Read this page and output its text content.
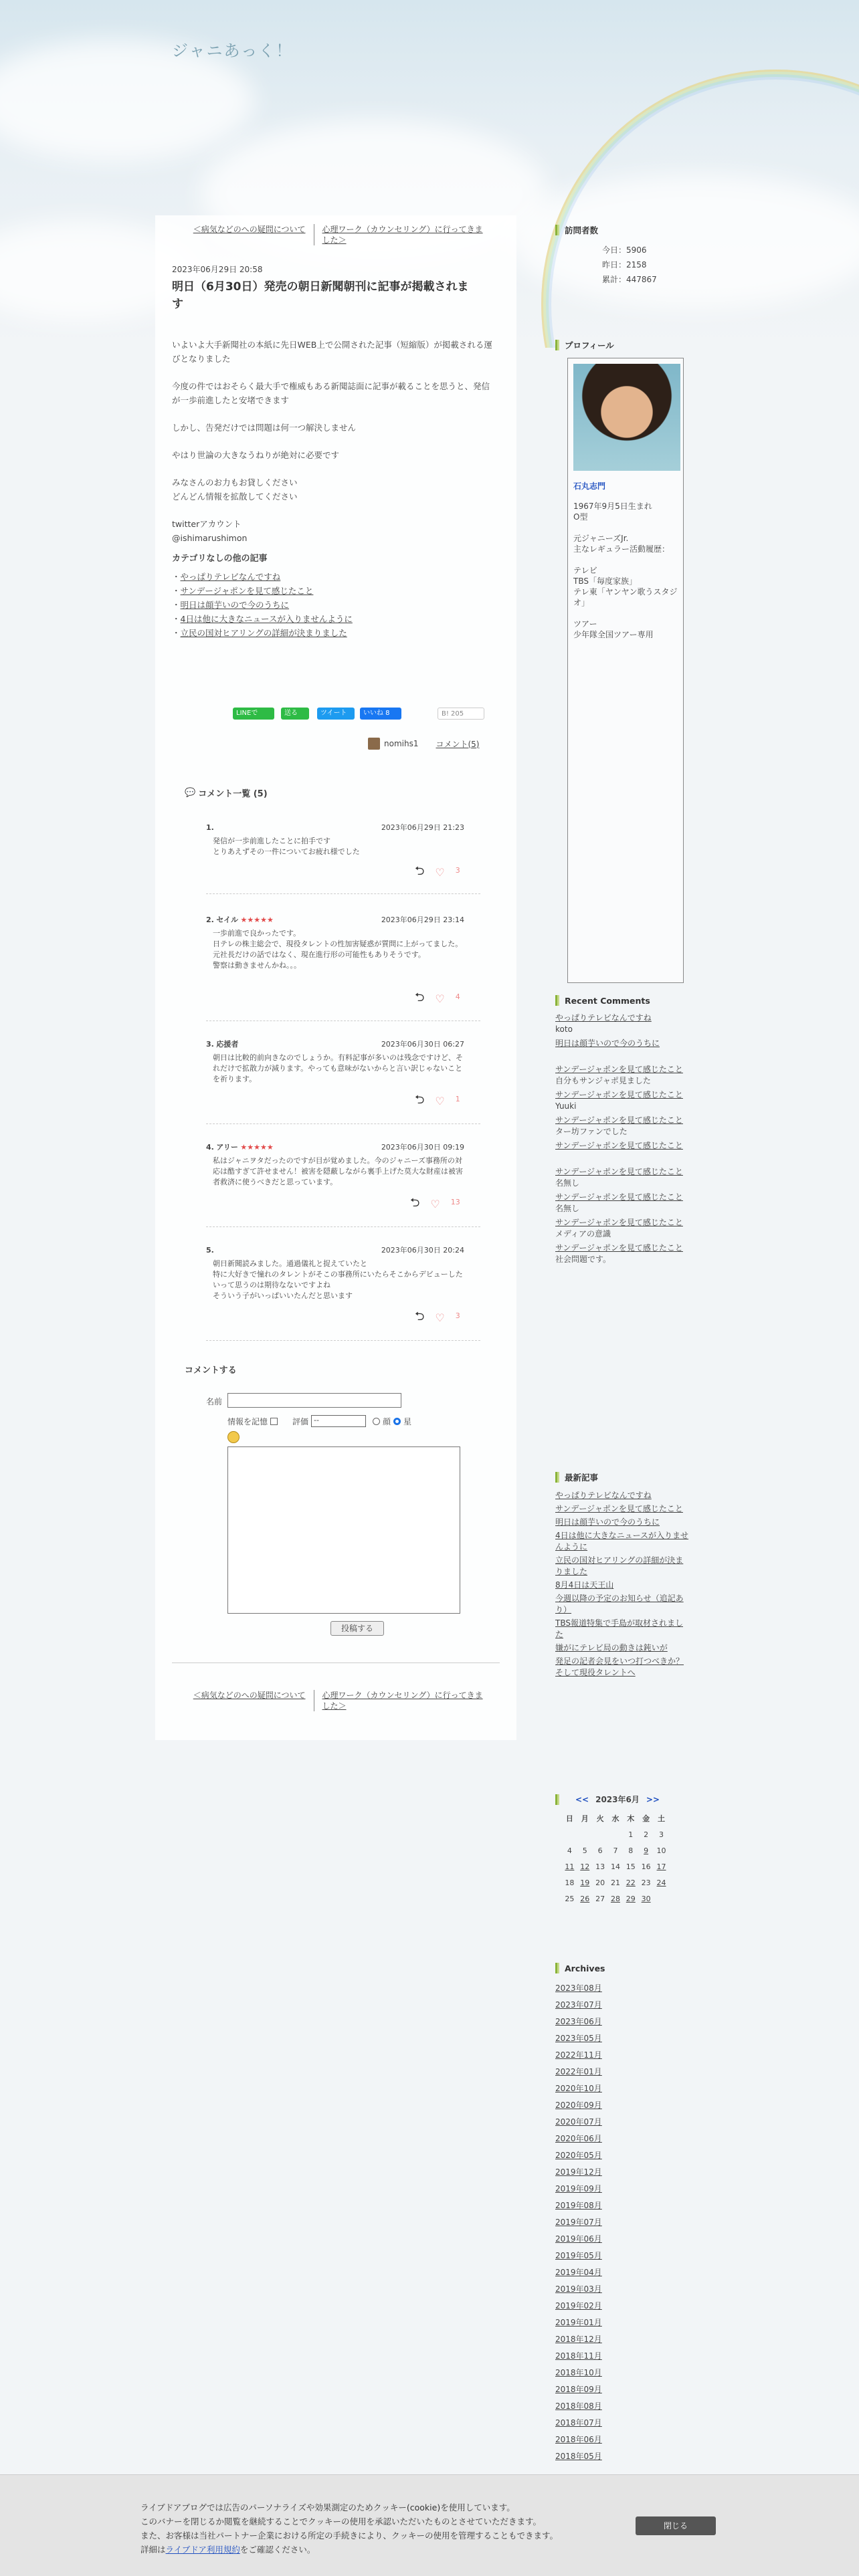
ジャニあっく！
＜病気などのへの疑問について	心理ワーク（カウンセリング）に行ってきました＞
2023年06月29日 20:58
明日（6月30日）発売の朝日新聞朝刊に記事が掲載されます

いよいよ大手新聞社の本紙に先日WEB上で公開された記事（短縮版）が掲載される運びとなりました

今度の件ではおそらく最大手で権威もある新聞誌面に記事が載ることを思うと、発信が一歩前進したと安堵できます

しかし、告発だけでは問題は何一つ解決しません

やはり世論の大きなうねりが絶対に必要です

みなさんのお力もお貸しください
どんどん情報を拡散してください

twitterアカウント
@ishimarushimon

カテゴリなしの他の記事
・やっぱりテレビなんですね
・サンデージャポンを見て感じたこと
・明日は顔芋いので今のうちに
・4日は他に大きなニュースが入りませんように
・立民の国対ヒアリングの詳細が決まりました
LINEで	送る	ツイート	いいね 8	B! 205
nomihs1 コメント(5)
💬 コメント一覧 (5)
1.	2023年06月29日 21:23
発信が一歩前進したことに拍手です
とりあえずその一件についてお疲れ様でした
⮌ ♡ 3
2. セイル ★★★★★	2023年06月29日 23:14
一歩前進で良かったです。
日テレの株主総会で、現役タレントの性加害疑惑が質問に上がってました。
元社長だけの話ではなく、現在進行形の可能性もありそうです。
警察は動きませんかね。。。
⮌ ♡ 4
3. 応援者	2023年06月30日 06:27
朝日は比較的前向きなのでしょうか。有料記事が多いのは残念ですけど、それだけで拡散力が減ります。やっても意味がないからと言い訳じゃないことを祈ります。
⮌ ♡ 1
4. アリー ★★★★★	2023年06月30日 09:19
私はジャニヲタだったのですが目が覚めました。今のジャニーズ事務所の対応は酷すぎて許せません！被害を隠蔽しながら裏手上げた莫大な財産は被害者救済に使うべきだと思っています。
⮌ ♡ 13
5.	2023年06月30日 20:24
朝日新聞読みました。通過儀礼と捉えていたと
特に大好きで憧れのタレントがそこの事務所にいたらそこからデビューしたいって思うのは期待なないですよね
そういう子がいっぱいいたんだと思います
⮌ ♡ 3
コメントする
名前
情報を記憶	評価 --	顔 星
投稿する
＜病気などのへの疑問について	心理ワーク（カウンセリング）に行ってきました＞
訪問者数
今日：5906
昨日：2158
累計：447867
プロフィール
石丸志門
1967年9月5日生まれ
O型
元ジャニーズJr.
主なレギュラー活動履歴：
テレビ
TBS「毎度家族」
テレ東「ヤンヤン歌うスタジオ」
ツアー
少年隊全国ツアー専用
Recent Comments
やっぱりテレビなんですね
koto
明日は顔芋いので今のうちに
サンデージャポンを見て感じたこと
自分もサンジャポ見ました
サンデージャポンを見て感じたこと
Yuuki
サンデージャポンを見て感じたこと
ター坊ファンでした
サンデージャポンを見て感じたこと
サンデージャポンを見て感じたこと
名無し
サンデージャポンを見て感じたこと
名無し
サンデージャポンを見て感じたこと
メディアの意識
サンデージャポンを見て感じたこと
社会問題です。
最新記事
やっぱりテレビなんですね
サンデージャポンを見て感じたこと
明日は顔芋いので今のうちに
4日は他に大きなニュースが入りませんように
立民の国対ヒアリングの詳細が決まりました
8月4日は天王山
今週以降の予定のお知らせ（追記あり）
TBS報道特集で手島が取材されました
嫌がにテレビ局の動きは鈍いが
発足の記者会見をいつ打つべきか？そして現役タレントへ
<< 2023年6月 >>
日	月	火	水	木	金	土
				1	2	3
4	5	6	7	8	9	10
11	12	13	14	15	16	17
18	19	20	21	22	23	24
25	26	27	28	29	30	
Archives
2023年08月
2023年07月
2023年06月
2023年05月
2022年11月
2022年01月
2020年10月
2020年09月
2020年07月
2020年06月
2020年05月
2019年12月
2019年09月
2019年08月
2019年07月
2019年06月
2019年05月
2019年04月
2019年03月
2019年02月
2019年01月
2018年12月
2018年11月
2018年10月
2018年09月
2018年08月
2018年07月
2018年06月
2018年05月
ライブドアブログでは広告のパーソナライズや効果測定のためクッキー(cookie)を使用しています。
このバナーを閉じるか閲覧を継続することでクッキーの使用を承認いただいたものとさせていただきます。
また、お客様は当社パートナー企業における所定の手続きにより、クッキーの使用を管理することもできます。
詳細はライブドア利用規約をご確認ください。
閉じる
